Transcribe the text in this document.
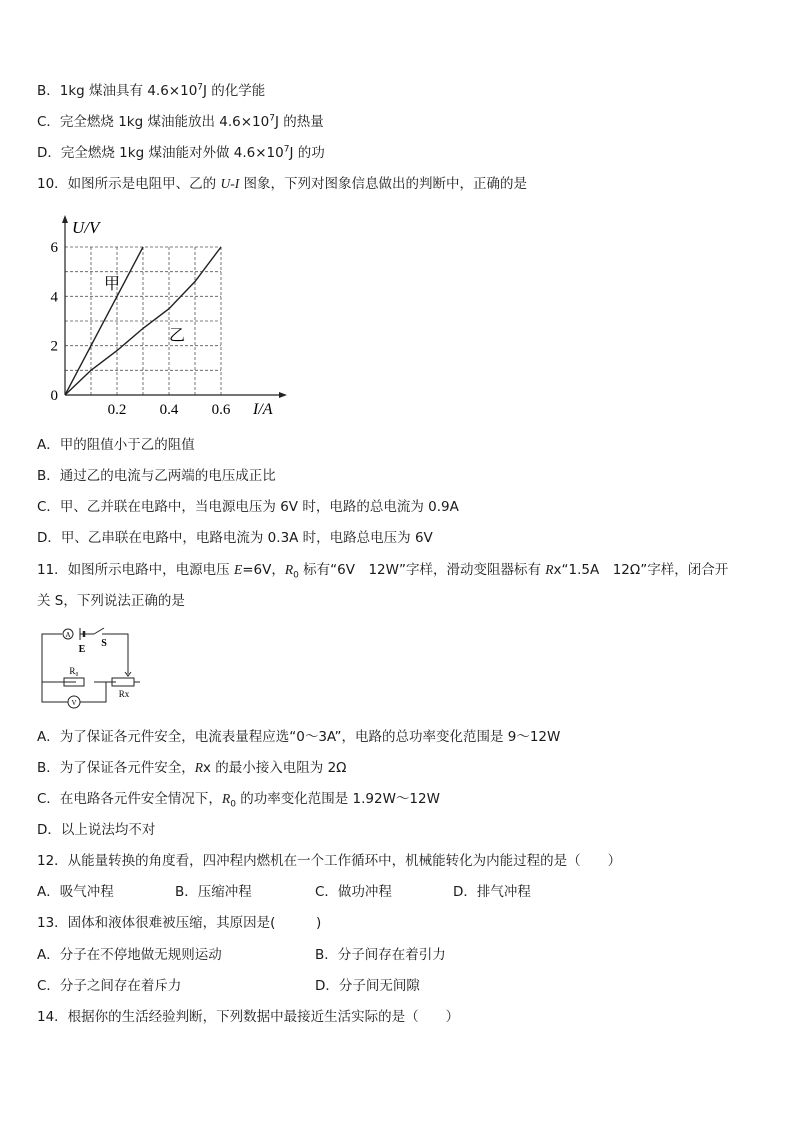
B．1kg 煤油具有 $4.6\times 10^7J$ 的化学能
C．完全燃烧 1kg 煤油能放出 $4.6\times 10^7J$ 的热量
D．完全燃烧 1kg 煤油能对外做 $4.6\times 10^7J$ 的功
10．如图所示是电阻甲、乙的 U-I 图象，下列对图象信息做出的判断中，正确的是
0.2 0.4 0.6
0
2
4
6
U/V
I/A
甲
乙
A．甲的阻值小于乙的阻值
B．通过乙的电流与乙两端的电压成正比
C．甲、乙并联在电路中，当电源电压为 6V 时，电路的总电流为 0.9A
D．甲、乙串联在电路中，电路电流为 0.3A 时，电路总电压为 6V
11．如图所示电路中，电源电压 E=6V，$R_0$ 标有“6V　12W”字样，滑动变阻器标有 Rx“1.5A　12Ω”字样，闭合开
关 S，下列说法正确的是
A
E
S
V
R₀
Rx
A．为了保证各元件安全，电流表量程应选“0～3A”，电路的总功率变化范围是 9～12W
B．为了保证各元件安全，Rx 的最小接入电阻为 2Ω
C．在电路各元件安全情况下，$R_0$ 的功率变化范围是 1.92W～12W
D．以上说法均不对
12．从能量转换的角度看，四冲程内燃机在一个工作循环中，机械能转化为内能过程的是（　　）
A．吸气冲程	B．压缩冲程	C．做功冲程	D．排气冲程
13．固体和液体很难被压缩，其原因是(　　　)
A．分子在不停地做无规则运动	B．分子间存在着引力
C．分子之间存在着斥力	D．分子间无间隙
14．根据你的生活经验判断，下列数据中最接近生活实际的是（　　）
